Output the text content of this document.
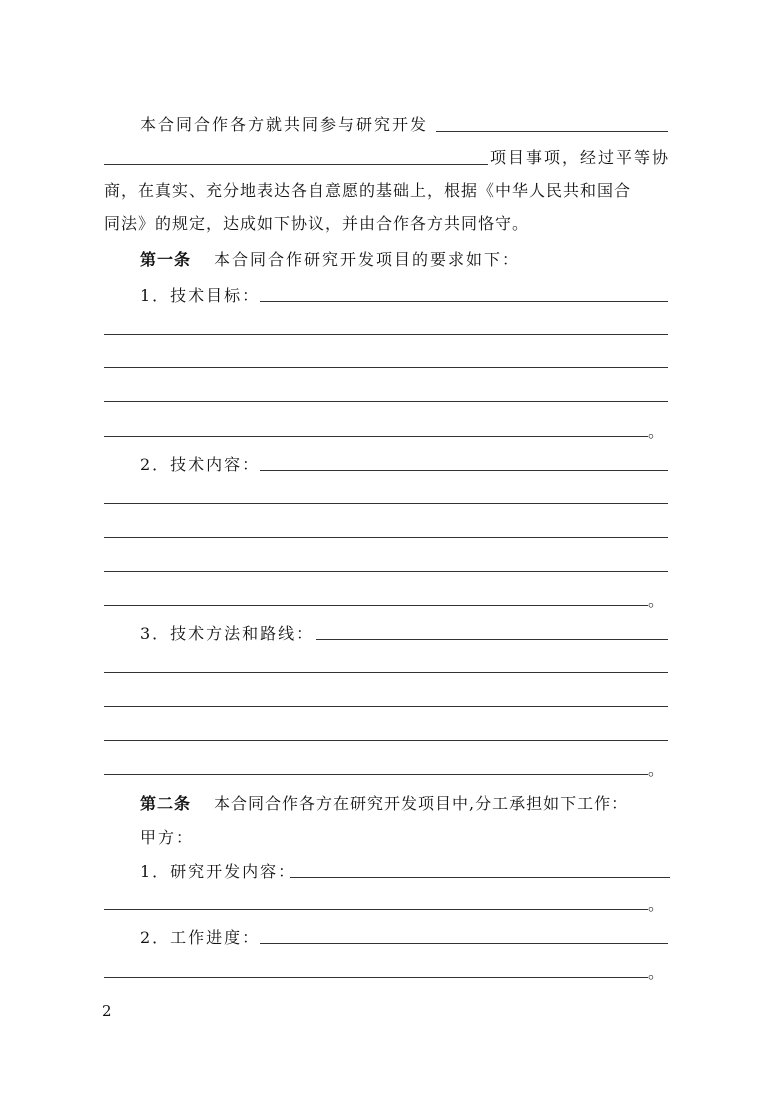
本合同合作各方就共同参与研究开发
项目事项，经过平等协
商，在真实、充分地表达各自意愿的基础上，根据《中华人民共和国合
同法》的规定，达成如下协议，并由合作各方共同恪守。
第一条 本合同合作研究开发项目的要求如下：
1．技术目标：
。
2．技术内容：
。
3．技术方法和路线：
。
第二条 本合同合作各方在研究开发项目中,分工承担如下工作：
甲方：
1．研究开发内容：
。
2．工作进度：
。
2
